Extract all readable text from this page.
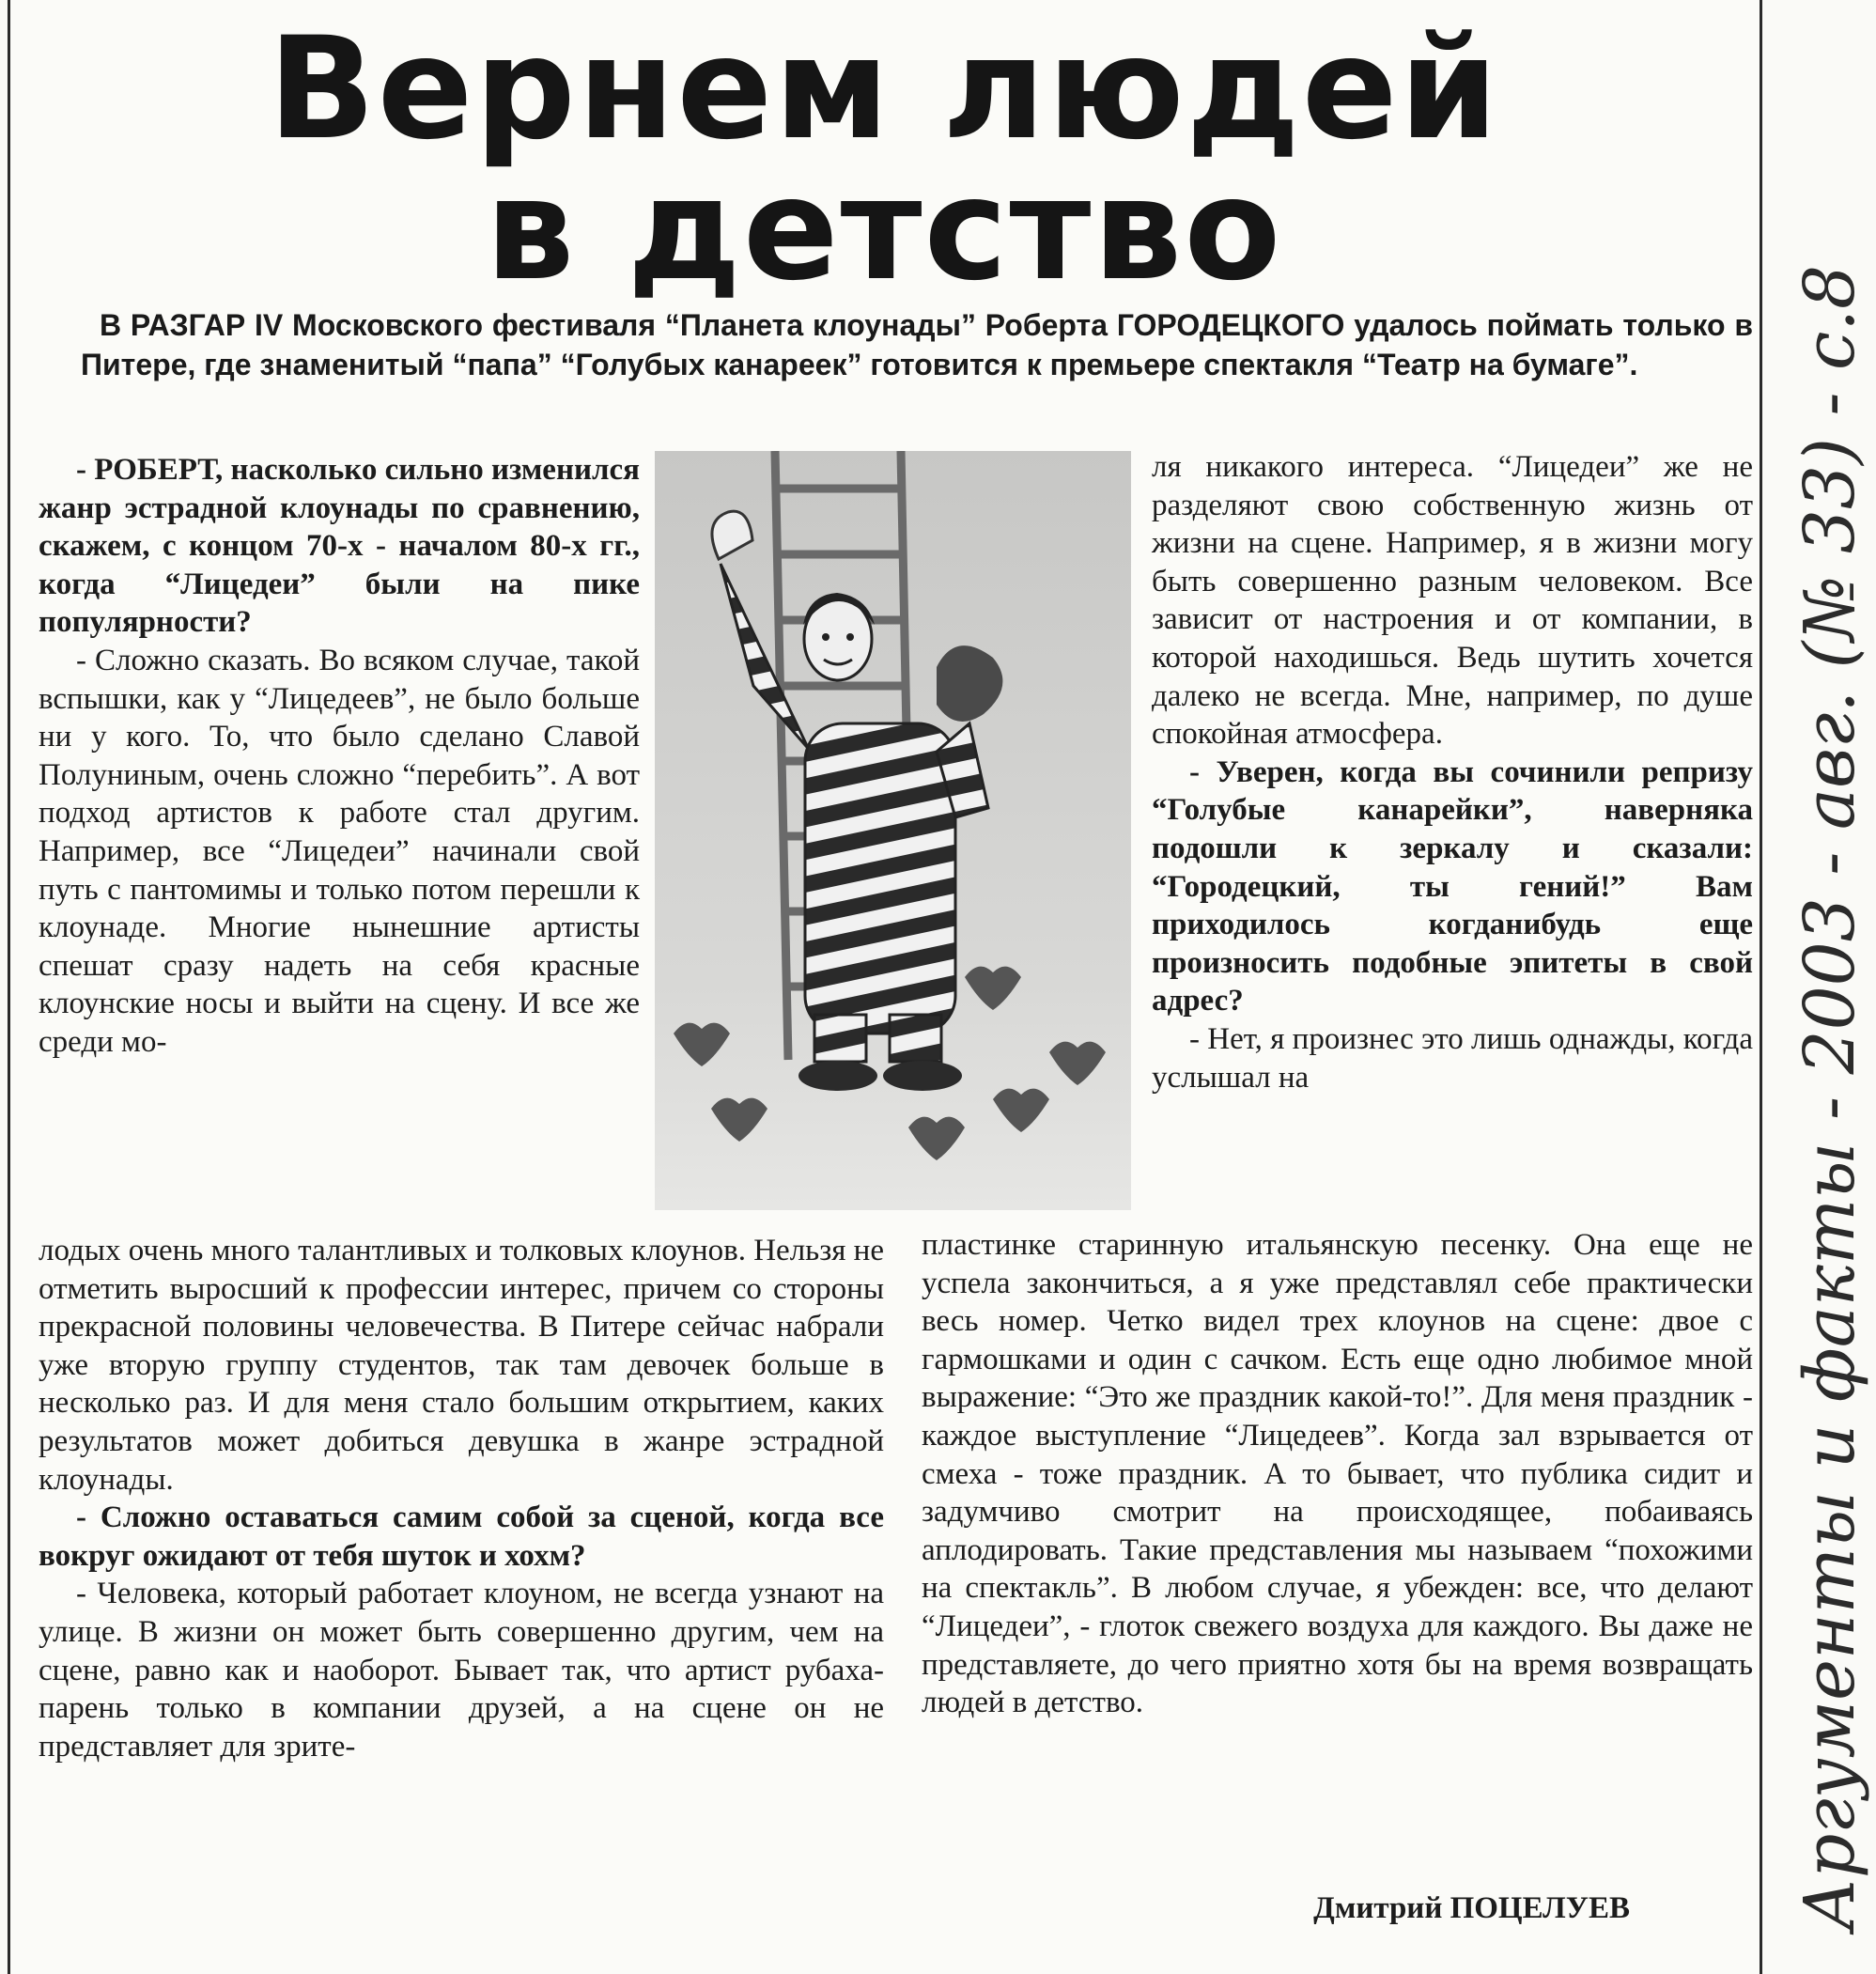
Вернем людей
в детство

В РАЗГАР IV Московского фестиваля “Планета клоунады” Роберта ГОРОДЕЦКОГО удалось поймать только в Питере, где знаменитый “папа” “Голубых канареек” готовится к премьере спектакля “Театр на бумаге”.

- РОБЕРТ, насколько сильно изменился жанр эстрадной клоунады по сравнению, скажем, с концом 70-х - началом 80-х гг., когда “Лицедеи” были на пике популярности?

- Сложно сказать. Во всяком случае, такой вспышки, как у “Лицедеев”, не было больше ни у кого. То, что было сделано Славой Полуниным, очень сложно “перебить”. А вот подход артистов к работе стал другим. Например, все “Лицедеи” начинали свой путь с пантомимы и только потом перешли к клоунаде. Многие нынешние артисты спешат сразу надеть на себя красные клоунские носы и выйти на сцену. И все же среди мо-

лодых очень много талантливых и толковых клоунов. Нельзя не отметить выросший к профессии интерес, причем со стороны прекрасной половины человечества. В Питере сейчас набрали уже вторую группу студентов, так там девочек больше в несколько раз. И для меня стало большим открытием, каких результатов может добиться девушка в жанре эстрадной клоунады.

- Сложно оставаться самим собой за сценой, когда все вокруг ожидают от тебя шуток и хохм?

- Человека, который работает клоуном, не всегда узнают на улице. В жизни он может быть совершенно другим, чем на сцене, равно как и наоборот. Бывает так, что артист рубаха-парень только в компании друзей, а на сцене он не представляет для зрите-

ля никакого интереса. “Лицедеи” же не разделяют свою собственную жизнь от жизни на сцене. Например, я в жизни могу быть совершенно разным человеком. Все зависит от настроения и от компании, в которой находишься. Ведь шутить хочется далеко не всегда. Мне, например, по душе спокойная атмосфера.

- Уверен, когда вы сочинили репризу “Голубые канарейки”, наверняка подошли к зеркалу и сказали: “Городецкий, ты гений!” Вам приходилось когданибудь еще произносить подобные эпитеты в свой адрес?

- Нет, я произнес это лишь однажды, когда услышал на

пластинке старинную итальянскую песенку. Она еще не успела закончиться, а я уже представлял себе практически весь номер. Четко видел трех клоунов на сцене: двое с гармошками и один с сачком. Есть еще одно любимое мной выражение: “Это же праздник какой-то!”. Для меня праздник - каждое выступление “Лицедеев”. Когда зал взрывается от смеха - тоже праздник. А то бывает, что публика сидит и задумчиво смотрит на происходящее, побаиваясь аплодировать. Такие представления мы называем “похожими на спектакль”. В любом случае, я убежден: все, что делают “Лицедеи”, - глоток свежего воздуха для каждого. Вы даже не представляете, до чего приятно хотя бы на время возвращать людей в детство.

Дмитрий ПОЦЕЛУЕВ Аргументы и факты - 2003 - авг. (№ 33) - с.8
